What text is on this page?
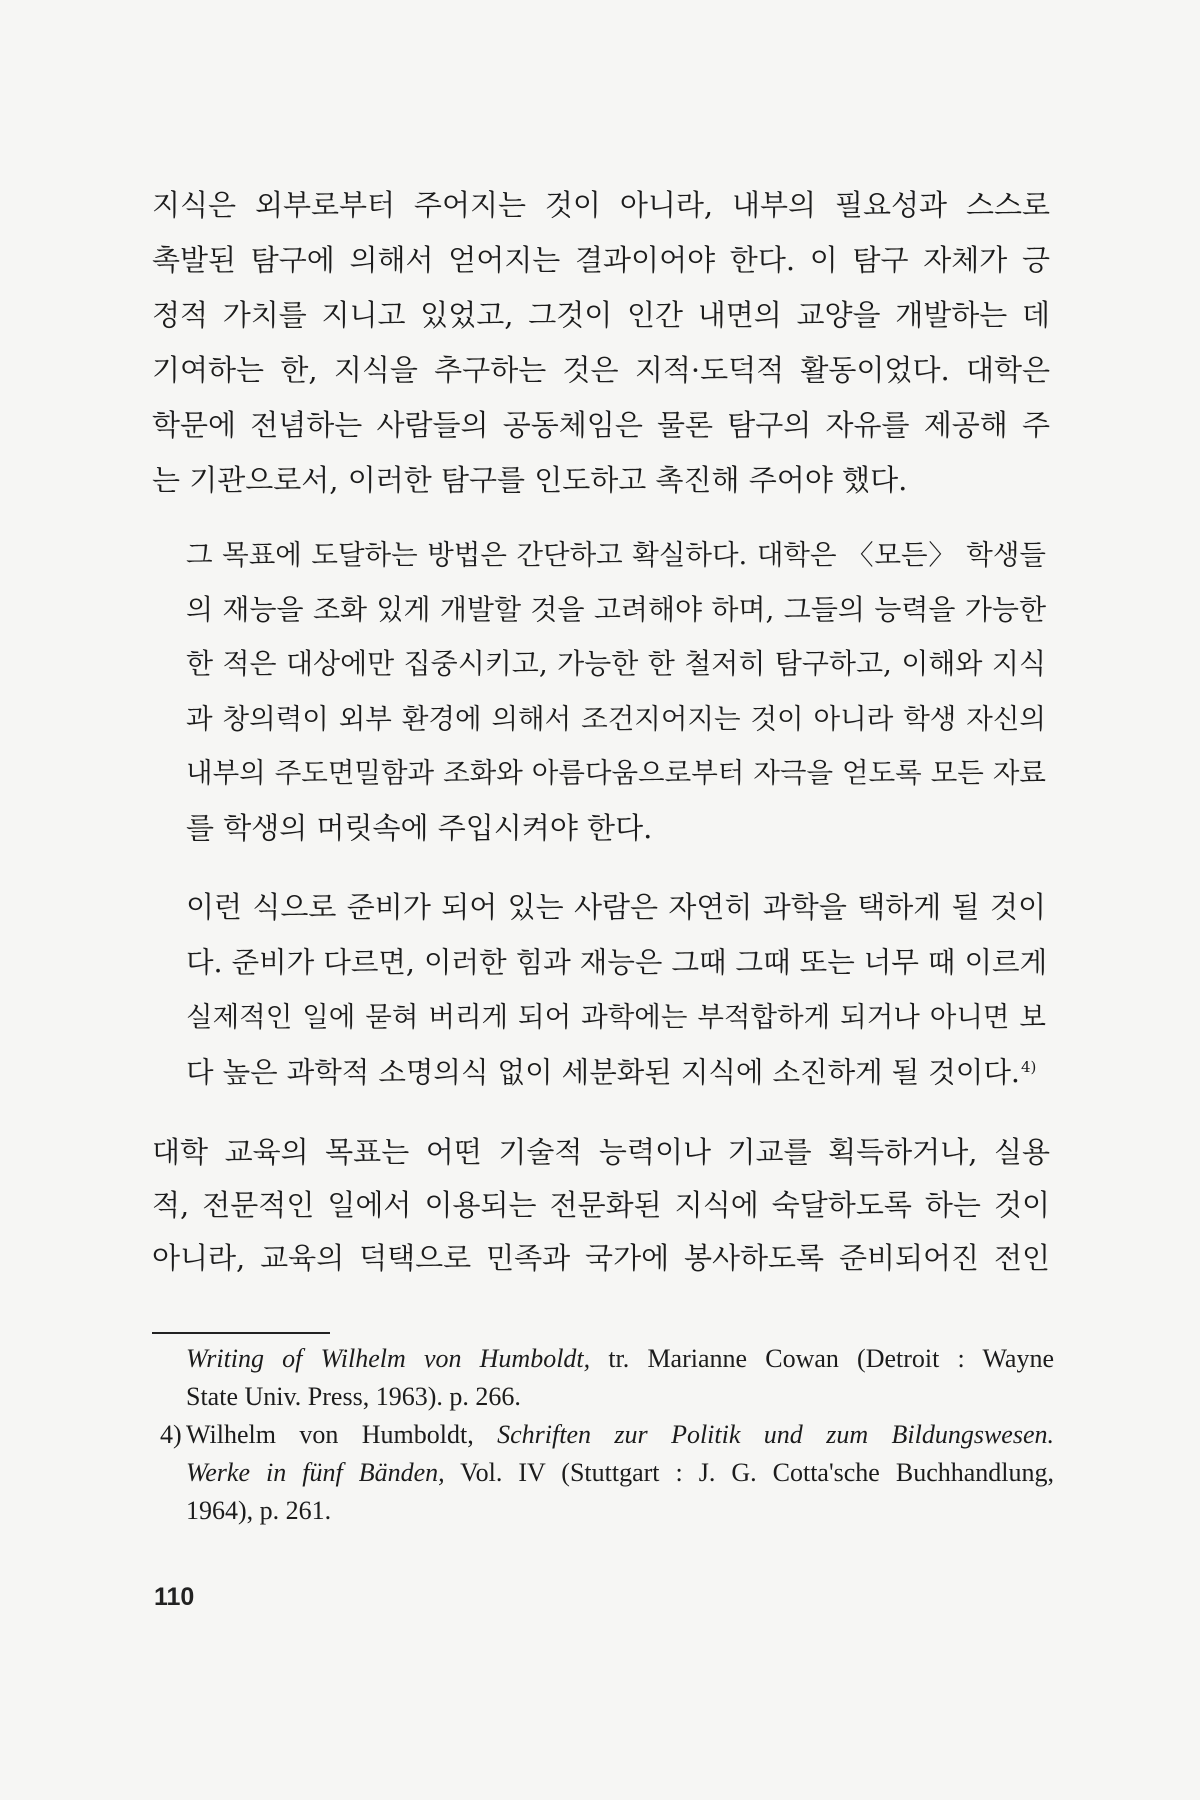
지식은 외부로부터 주어지는 것이 아니라, 내부의 필요성과 스스로
촉발된 탐구에 의해서 얻어지는 결과이어야 한다. 이 탐구 자체가 긍
정적 가치를 지니고 있었고, 그것이 인간 내면의 교양을 개발하는 데
기여하는 한, 지식을 추구하는 것은 지적·도덕적 활동이었다. 대학은
학문에 전념하는 사람들의 공동체임은 물론 탐구의 자유를 제공해 주
는 기관으로서, 이러한 탐구를 인도하고 촉진해 주어야 했다.
그 목표에 도달하는 방법은 간단하고 확실하다. 대학은 〈모든〉 학생들
의 재능을 조화 있게 개발할 것을 고려해야 하며, 그들의 능력을 가능한
한 적은 대상에만 집중시키고, 가능한 한 철저히 탐구하고, 이해와 지식
과 창의력이 외부 환경에 의해서 조건지어지는 것이 아니라 학생 자신의
내부의 주도면밀함과 조화와 아름다움으로부터 자극을 얻도록 모든 자료
를 학생의 머릿속에 주입시켜야 한다.
이런 식으로 준비가 되어 있는 사람은 자연히 과학을 택하게 될 것이
다. 준비가 다르면, 이러한 힘과 재능은 그때 그때 또는 너무 때 이르게
실제적인 일에 묻혀 버리게 되어 과학에는 부적합하게 되거나 아니면 보
다 높은 과학적 소명의식 없이 세분화된 지식에 소진하게 될 것이다.$^{4)}$
대학 교육의 목표는 어떤 기술적 능력이나 기교를 획득하거나, 실용
적, 전문적인 일에서 이용되는 전문화된 지식에 숙달하도록 하는 것이
아니라, 교육의 덕택으로 민족과 국가에 봉사하도록 준비되어진 전인
Writing of Wilhelm von Humboldt, tr. Marianne Cowan (Detroit : Wayne
State Univ. Press, 1963). p. 266.
4) Wilhelm von Humboldt, Schriften zur Politik und zum Bildungswesen.
Werke in fünf Bänden, Vol. IV (Stuttgart : J. G. Cotta'sche Buchhandlung,
1964), p. 261.
110
